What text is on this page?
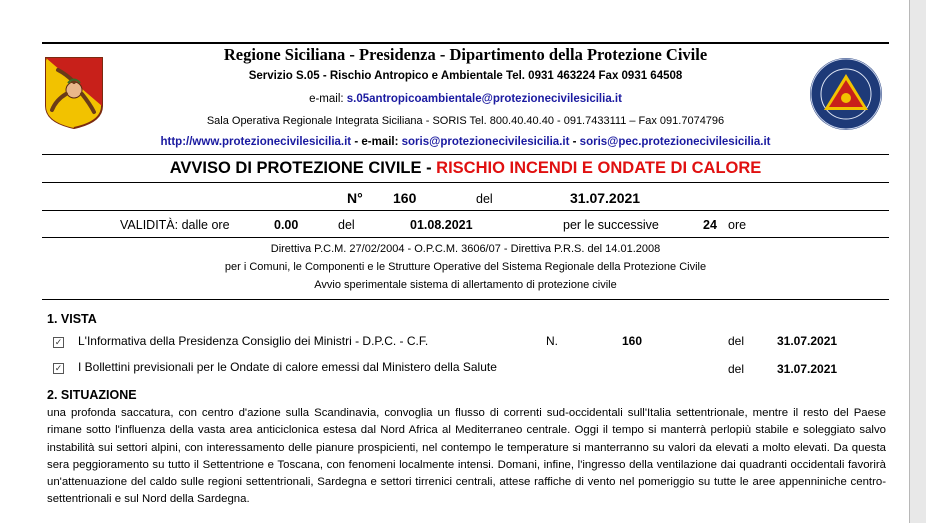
Regione Siciliana - Presidenza - Dipartimento della Protezione Civile
Servizio S.05 - Rischio Antropico e Ambientale Tel. 0931 463224 Fax 0931 64508
e-mail: s.05antropicoambientale@protezionecivilesicilia.it
Sala Operativa Regionale Integrata Siciliana - SORIS Tel. 800.40.40.40 - 091.7433111 – Fax 091.7074796
http://www.protezionecivilesicilia.it - e-mail: soris@protezionecivilesicilia.it - soris@pec.protezionecivilesicilia.it
AVVISO DI PROTEZIONE CIVILE - RISCHIO INCENDI E ONDATE DI CALORE
N° 160	del	31.07.2021
VALIDITÀ: dalle ore	0.00	del	01.08.2021	per le successive	24 ore
Direttiva P.C.M. 27/02/2004 - O.P.C.M. 3606/07 - Direttiva P.R.S. del 14.01.2008
per i Comuni, le Componenti e le Strutture Operative del Sistema Regionale della Protezione Civile
Avvio sperimentale sistema di allertamento di protezione civile
1. VISTA
✓ L'Informativa della Presidenza Consiglio dei Ministri - D.P.C. - C.F.	N.	160	del	31.07.2021
✓ I Bollettini previsionali per le Ondate di calore emessi dal Ministero della Salute	del	31.07.2021
2. SITUAZIONE

una profonda saccatura, con centro d'azione sulla Scandinavia, convoglia un flusso di correnti sud-occidentali sull'Italia settentrionale, mentre il resto del Paese rimane sotto l'influenza della vasta area anticiclonica estesa dal Nord Africa al Mediterraneo centrale. Oggi il tempo si manterrà perlopiù stabile e soleggiato salvo instabilità sui settori alpini, con interessamento delle pianure prospicienti, nel contempo le temperature si manterranno su valori da elevati a molto elevati. Da questa sera peggioramento su tutto il Settentrione e Toscana, con fenomeni localmente intensi. Domani, infine, l'ingresso della ventilazione dai quadranti occidentali favorirà un'attenuazione del caldo sulle regioni settentrionali, Sardegna e settori tirrenici centrali, attese raffiche di vento nel pomeriggio su tutte le aree appenniniche centro-settentrionali e sul Nord della Sardegna.
